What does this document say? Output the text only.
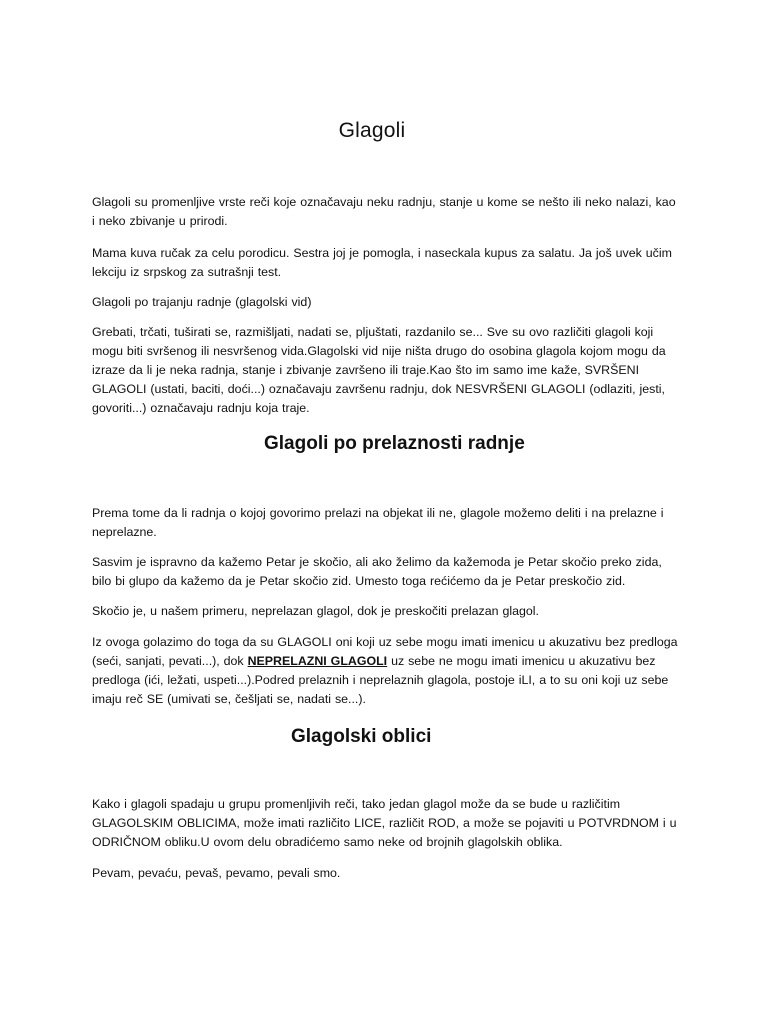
Glagoli

Glagoli su promenljive vrste reči koje označavaju neku radnju, stanje u kome se nešto ili neko nalazi, kao i neko zbivanje u prirodi.

Mama kuva ručak za celu porodicu. Sestra joj je pomogla, i naseckala kupus za salatu. Ja još uvek učim lekciju iz srpskog za sutrašnji test.

Glagoli po trajanju radnje (glagolski vid)

Grebati, trčati, tuširati se, razmišljati, nadati se, pljuštati, razdanilo se... Sve su ovo različiti glagoli koji mogu biti svršenog ili nesvršenog vida.Glagolski vid nije ništa drugo do osobina glagola kojom mogu da izraze da li je neka radnja, stanje i zbivanje završeno ili traje.Kao što im samo ime kaže, SVRŠENI GLAGOLI (ustati, baciti, doći...) označavaju završenu radnju, dok NESVRŠENI GLAGOLI (odlaziti, jesti, govoriti...) označavaju radnju koja traje.

Glagoli po prelaznosti radnje

Prema tome da li radnja o kojoj govorimo prelazi na objekat ili ne, glagole možemo deliti i na prelazne i neprelazne.

Sasvim je ispravno da kažemo Petar je skočio, ali ako želimo da kažemoda je Petar skočio preko zida, bilo bi glupo da kažemo da je Petar skočio zid. Umesto toga rećićemo da je Petar preskočio zid.

Skočio je, u našem primeru, neprelazan glagol, dok je preskočiti prelazan glagol.

Iz ovoga golazimo do toga da su GLAGOLI oni koji uz sebe mogu imati imenicu u akuzativu bez predloga (seći, sanjati, pevati...), dok NEPRELAZNI GLAGOLI uz sebe ne mogu imati imenicu u akuzativu bez predloga (ići, ležati, uspeti...).Podred prelaznih i neprelaznih glagola, postoje iLI, a to su oni koji uz sebe imaju reč SE (umivati se, češljati se, nadati se...).

Glagolski oblici

Kako i glagoli spadaju u grupu promenljivih reči, tako jedan glagol može da se bude u različitim GLAGOLSKIM OBLICIMA, može imati različito LICE, različit ROD, a može se pojaviti u POTVRDNOM i u ODRIČNOM obliku.U ovom delu obradićemo samo neke od brojnih glagolskih oblika.

Pevam, pevaću, pevaš, pevamo, pevali smo.
